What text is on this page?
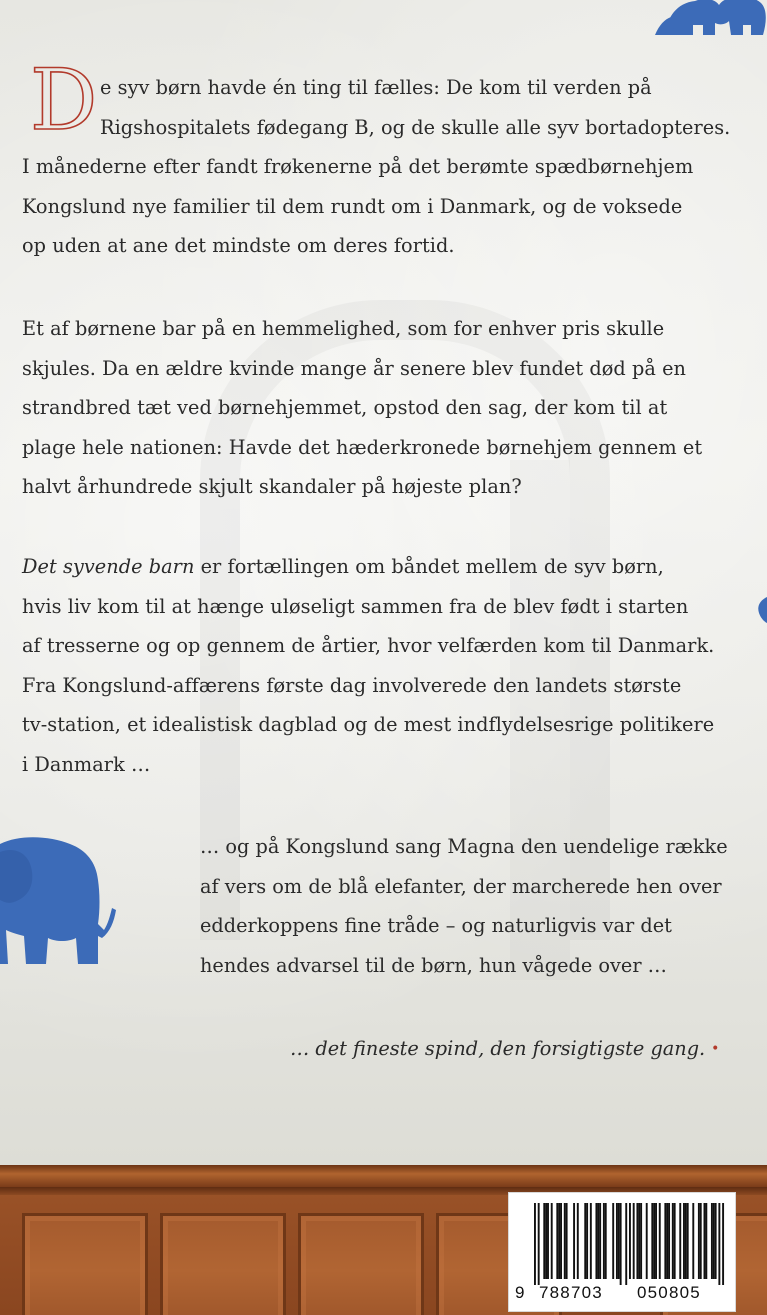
D e syv børn havde én ting til fælles: De kom til verden på
Rigshospitalets fødegang B, og de skulle alle syv bortadopteres.
I månederne efter fandt frøkenerne på det berømte spædbørnehjem
Kongslund nye familier til dem rundt om i Danmark, og de voksede
op uden at ane det mindste om deres fortid.

Et af børnene bar på en hemmelighed, som for enhver pris skulle
skjules. Da en ældre kvinde mange år senere blev fundet død på en
strandbred tæt ved børnehjemmet, opstod den sag, der kom til at
plage hele nationen: Havde det hæderkronede børnehjem gennem et
halvt århundrede skjult skandaler på højeste plan?

Det syvende barn er fortællingen om båndet mellem de syv børn,
hvis liv kom til at hænge uløseligt sammen fra de blev født i starten
af tresserne og op gennem de årtier, hvor velfærden kom til Danmark.
Fra Kongslund-affærens første dag involverede den landets største
tv-station, et idealistisk dagblad og de mest indflydelsesrige politikere
i Danmark …

… og på Kongslund sang Magna den uendelige række
af vers om de blå elefanter, der marcherede hen over
edderkoppens fine tråde – og naturligvis var det
hendes advarsel til de børn, hun vågede over …

… det fineste spind, den forsigtigste gang. •

9 788703 050805
